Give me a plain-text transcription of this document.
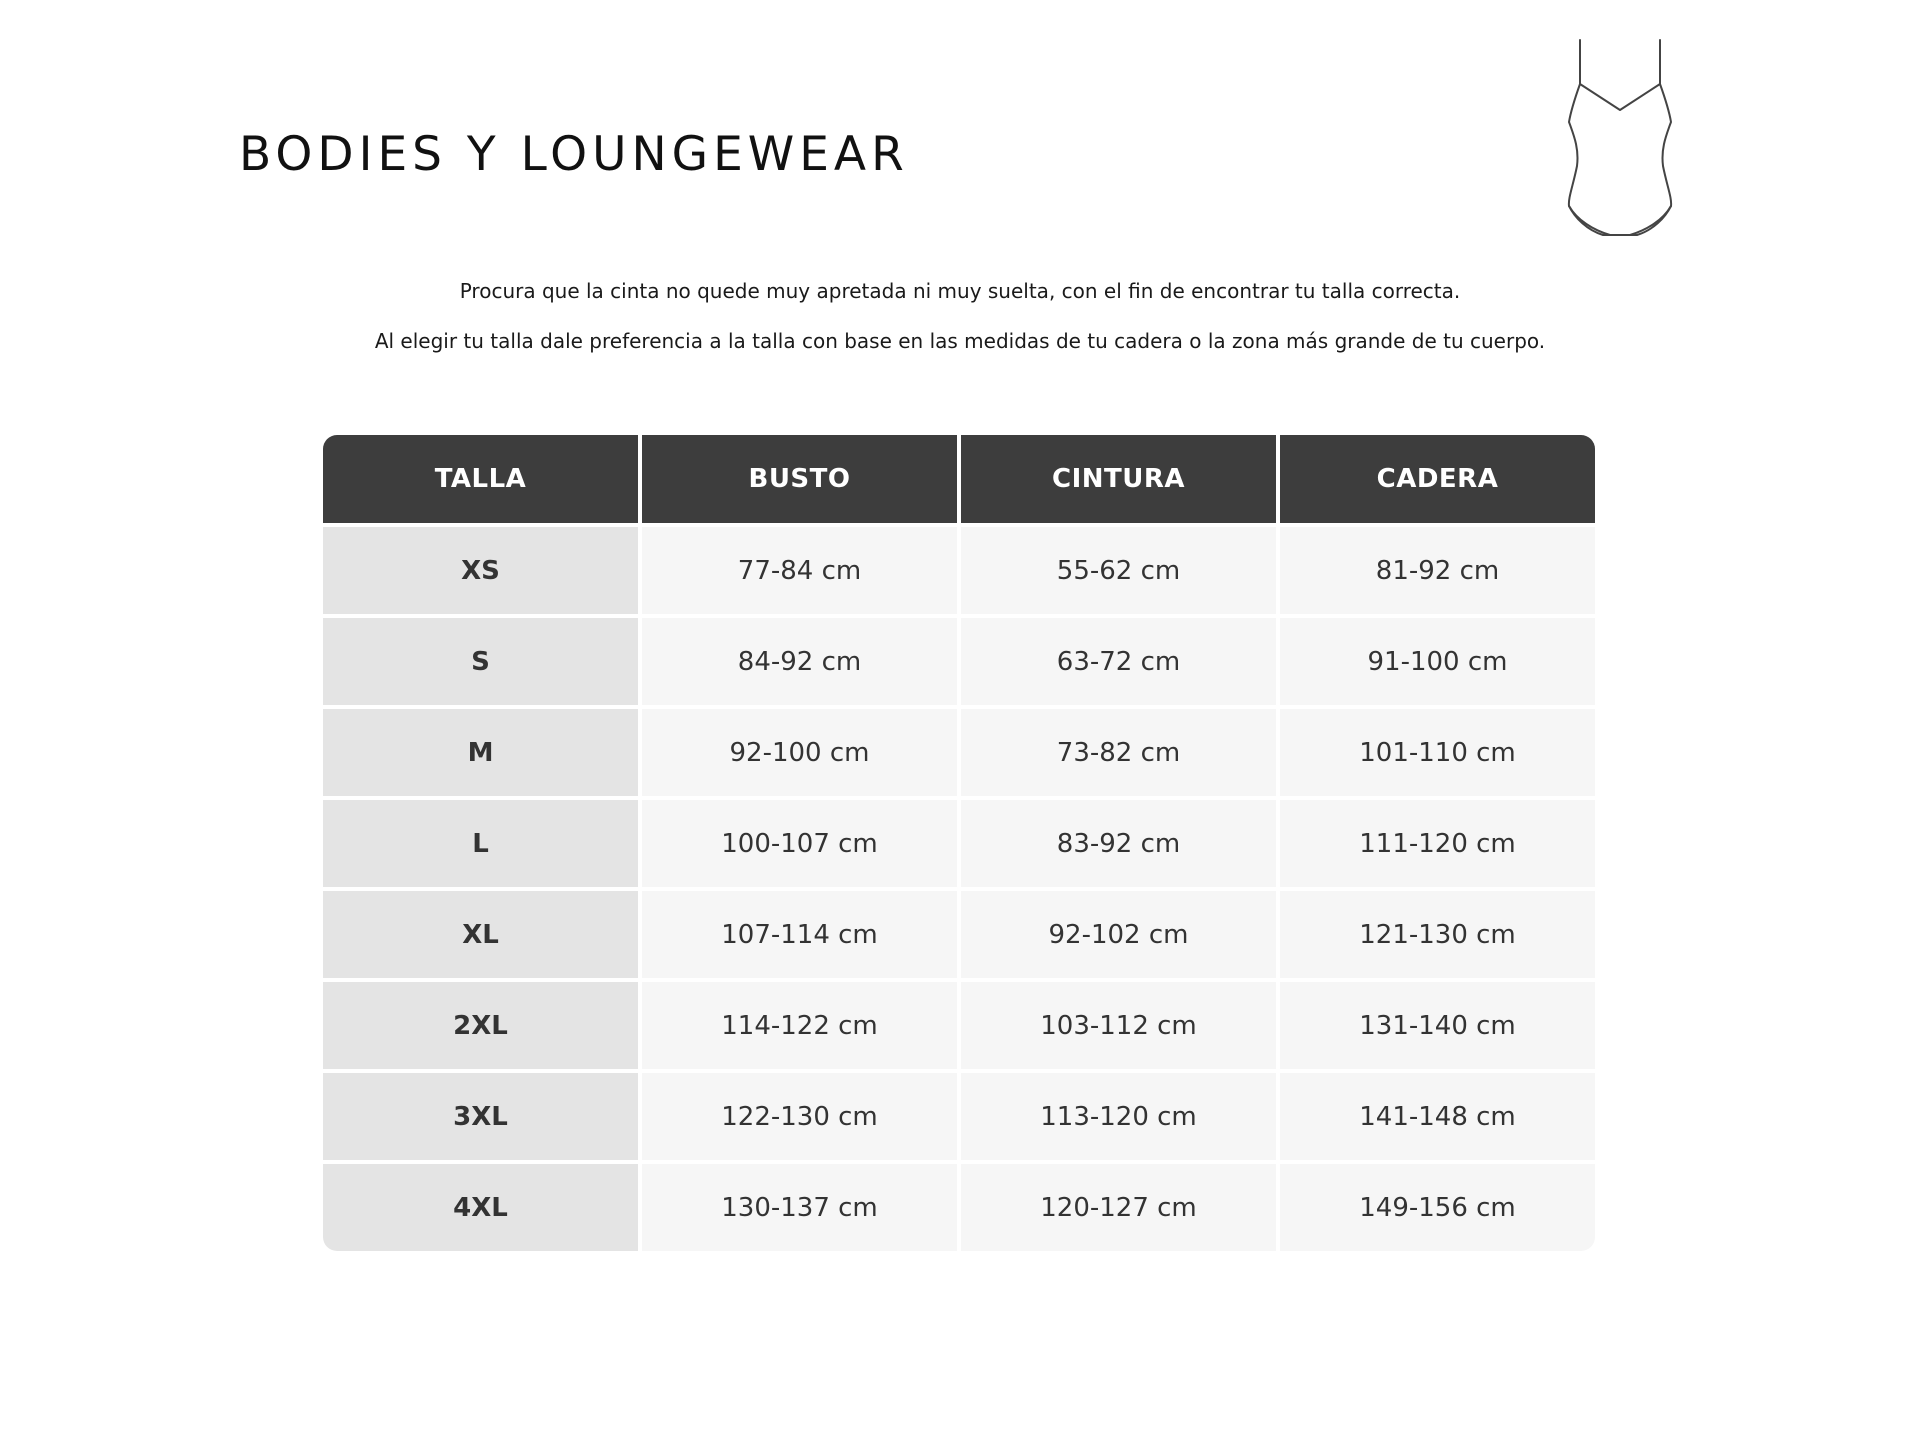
BODIES Y LOUNGEWEAR

Procura que la cinta no quede muy apretada ni muy suelta, con el fin de encontrar tu talla correcta.

Al elegir tu talla dale preferencia a la talla con base en las medidas de tu cadera o la zona más grande de tu cuerpo.

TALLA	BUSTO	CINTURA	CADERA
XS	77-84 cm	55-62 cm	81-92 cm
S	84-92 cm	63-72 cm	91-100 cm
M	92-100 cm	73-82 cm	101-110 cm
L	100-107 cm	83-92 cm	111-120 cm
XL	107-114 cm	92-102 cm	121-130 cm
2XL	114-122 cm	103-112 cm	131-140 cm
3XL	122-130 cm	113-120 cm	141-148 cm
4XL	130-137 cm	120-127 cm	149-156 cm
